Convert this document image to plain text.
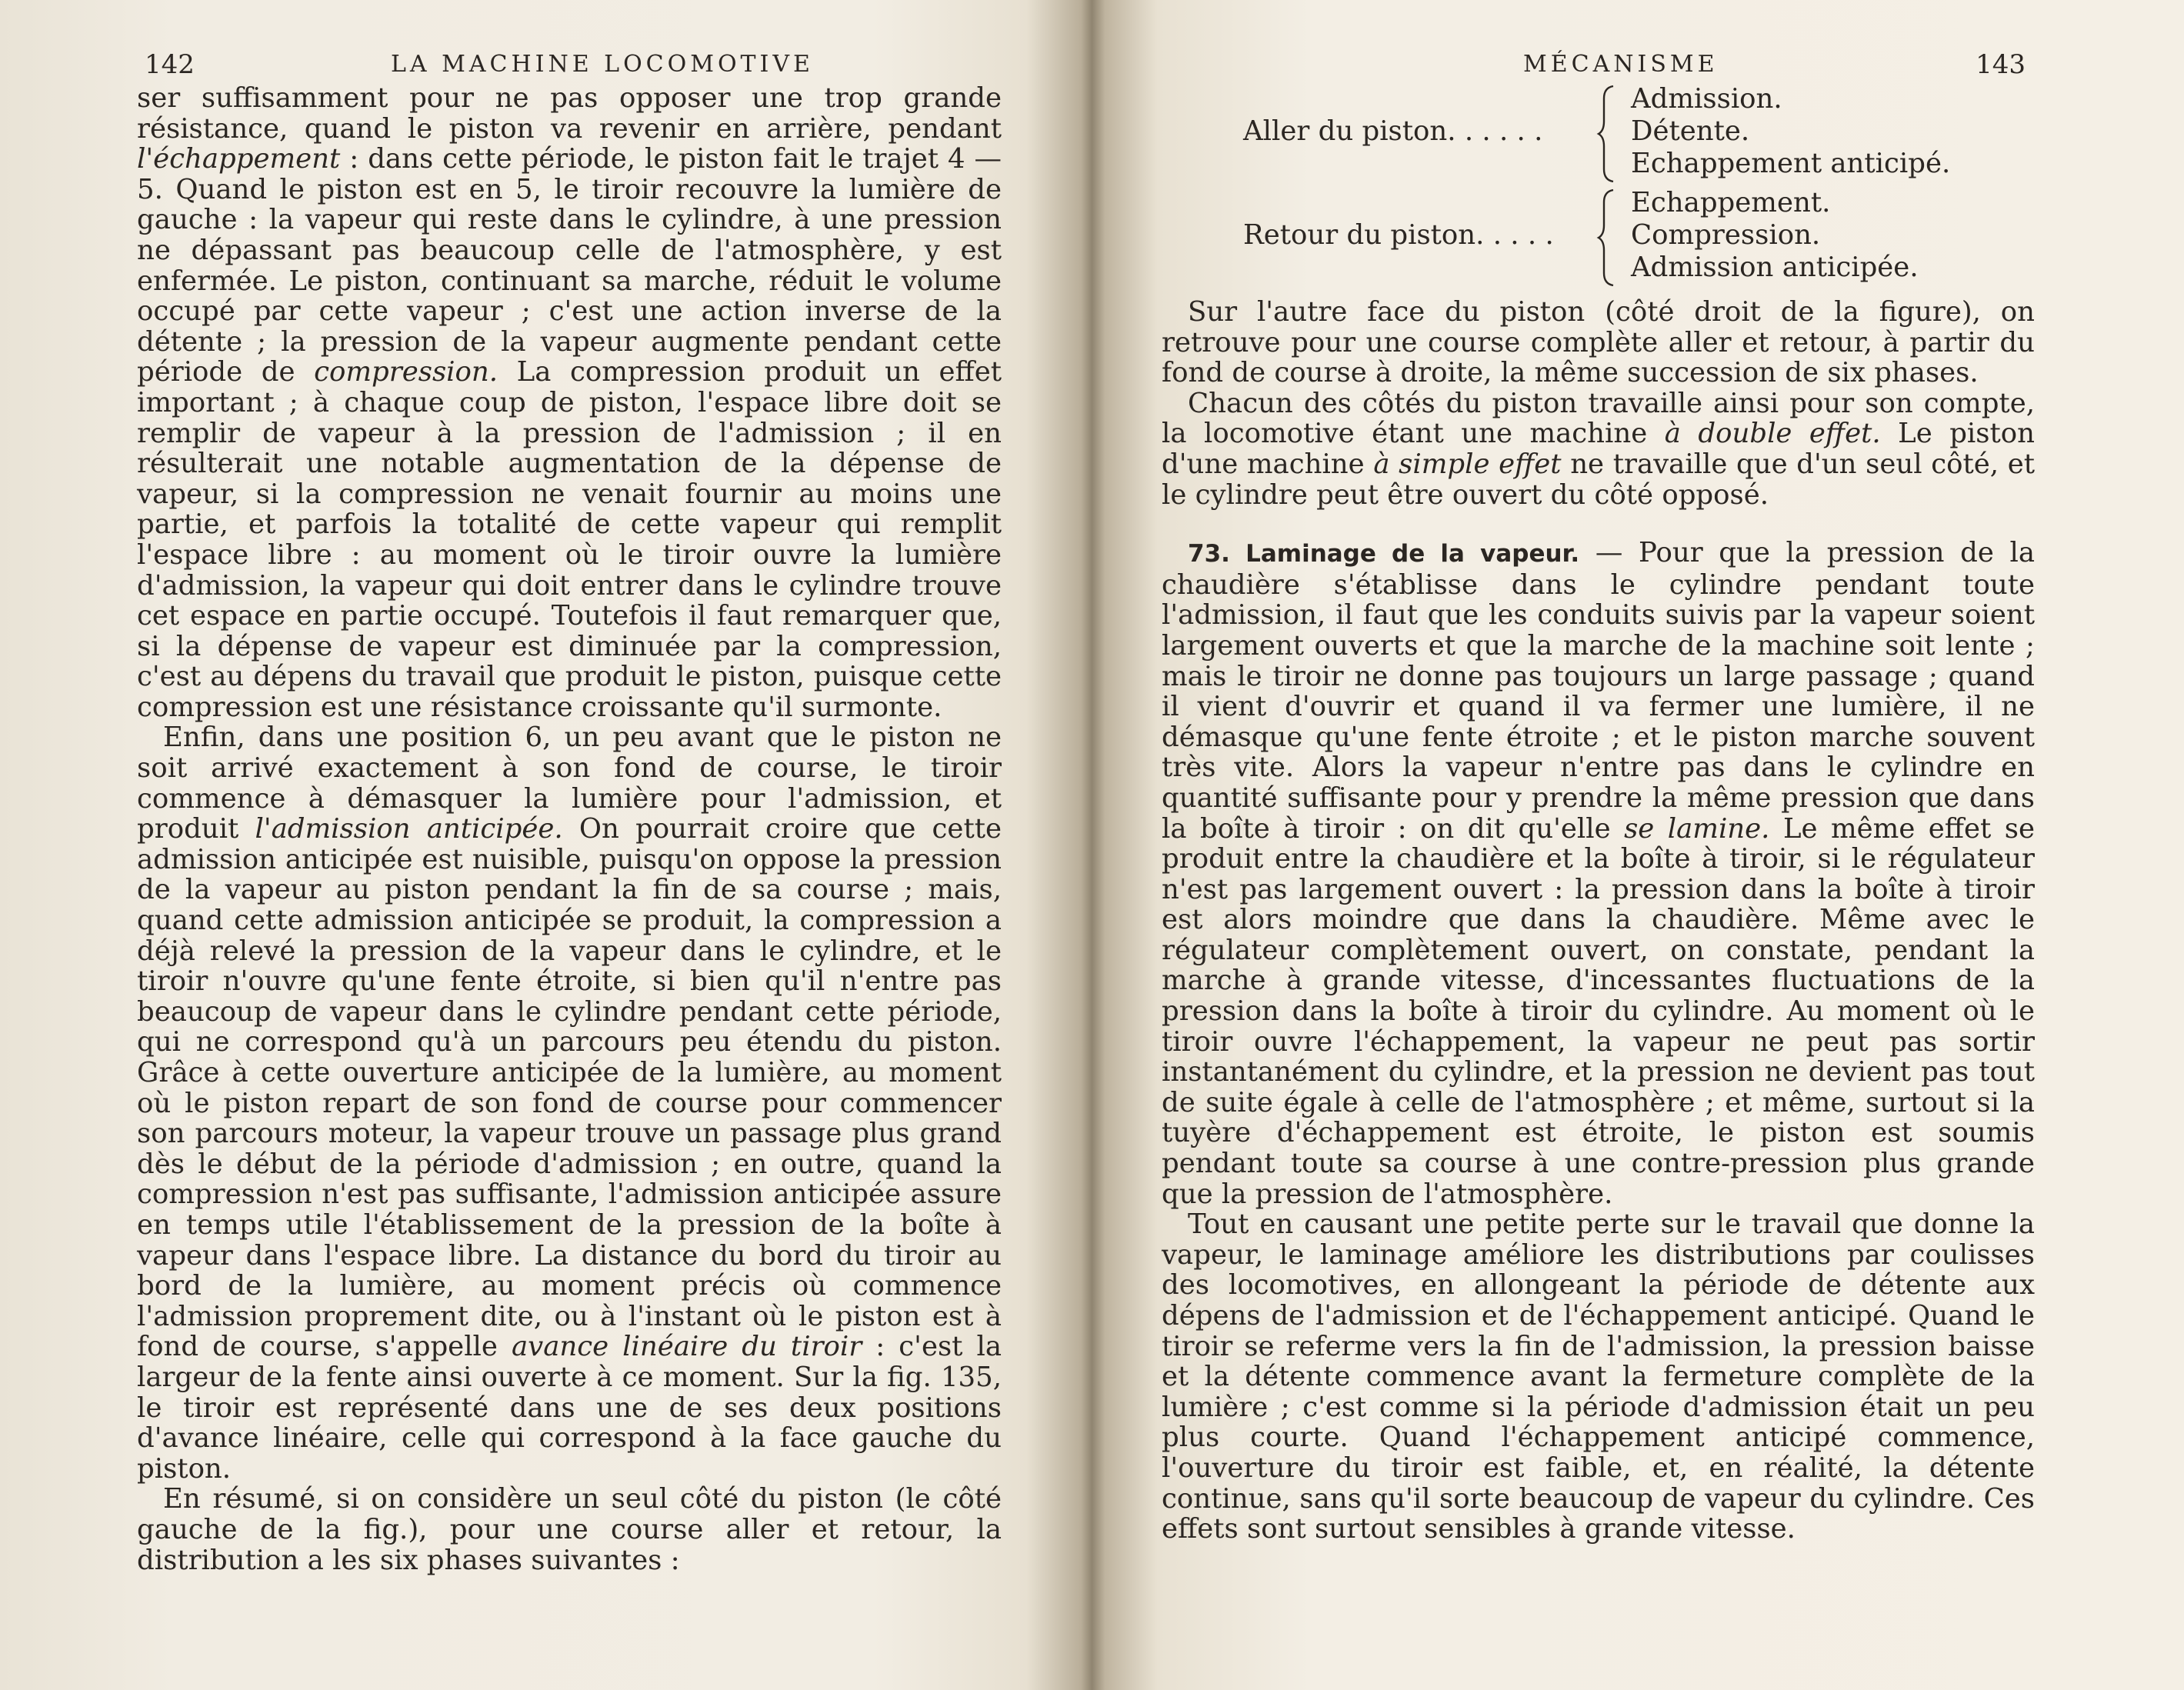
142	LA MACHINE LOCOMOTIVE

ser suffisamment pour ne pas opposer une trop grande résistance, quand le piston va revenir en arrière, pendant l'échappement : dans cette période, le piston fait le trajet 4 — 5. Quand le piston est en 5, le tiroir recouvre la lumière de gauche : la vapeur qui reste dans le cylindre, à une pression ne dépassant pas beaucoup celle de l'atmosphère, y est enfermée. Le piston, continuant sa marche, réduit le volume occupé par cette vapeur ; c'est une action inverse de la détente ; la pression de la vapeur augmente pendant cette période de compression. La compression produit un effet important ; à chaque coup de piston, l'espace libre doit se remplir de vapeur à la pression de l'admission ; il en résulterait une notable augmentation de la dépense de vapeur, si la compression ne venait fournir au moins une partie, et parfois la totalité de cette vapeur qui remplit l'espace libre : au moment où le tiroir ouvre la lumière d'admission, la vapeur qui doit entrer dans le cylindre trouve cet espace en partie occupé. Toutefois il faut remarquer que, si la dépense de vapeur est diminuée par la compression, c'est au dépens du travail que produit le piston, puisque cette compression est une résistance croissante qu'il surmonte.

Enfin, dans une position 6, un peu avant que le piston ne soit arrivé exactement à son fond de course, le tiroir commence à démasquer la lumière pour l'admission, et produit l'admission anticipée. On pourrait croire que cette admission anticipée est nuisible, puisqu'on oppose la pression de la vapeur au piston pendant la fin de sa course ; mais, quand cette admission anticipée se produit, la compression a déjà relevé la pression de la vapeur dans le cylindre, et le tiroir n'ouvre qu'une fente étroite, si bien qu'il n'entre pas beaucoup de vapeur dans le cylindre pendant cette période, qui ne correspond qu'à un parcours peu étendu du piston. Grâce à cette ouverture anticipée de la lumière, au moment où le piston repart de son fond de course pour commencer son parcours moteur, la vapeur trouve un passage plus grand dès le début de la période d'admission ; en outre, quand la compression n'est pas suffisante, l'admission anticipée assure en temps utile l'établissement de la pression de la boîte à vapeur dans l'espace libre. La distance du bord du tiroir au bord de la lumière, au moment précis où commence l'admission proprement dite, ou à l'instant où le piston est à fond de course, s'appelle avance linéaire du tiroir : c'est la largeur de la fente ainsi ouverte à ce moment. Sur la fig. 135, le tiroir est représenté dans une de ses deux positions d'avance linéaire, celle qui correspond à la face gauche du piston.

En résumé, si on considère un seul côté du piston (le côté gauche de la fig.), pour une course aller et retour, la distribution a les six phases suivantes :

MÉCANISME	143
Aller du piston. . . . . .
Admission.
Détente.
Echappement anticipé.
Retour du piston. . . . .
Echappement.
Compression.
Admission anticipée.

Sur l'autre face du piston (côté droit de la figure), on retrouve pour une course complète aller et retour, à partir du fond de course à droite, la même succession de six phases.

Chacun des côtés du piston travaille ainsi pour son compte, la locomotive étant une machine à double effet. Le piston d'une machine à simple effet ne travaille que d'un seul côté, et le cylindre peut être ouvert du côté opposé.

73. Laminage de la vapeur. — Pour que la pression de la chaudière s'établisse dans le cylindre pendant toute l'admission, il faut que les conduits suivis par la vapeur soient largement ouverts et que la marche de la machine soit lente ; mais le tiroir ne donne pas toujours un large passage ; quand il vient d'ouvrir et quand il va fermer une lumière, il ne démasque qu'une fente étroite ; et le piston marche souvent très vite. Alors la vapeur n'entre pas dans le cylindre en quantité suffisante pour y prendre la même pression que dans la boîte à tiroir : on dit qu'elle se lamine. Le même effet se produit entre la chaudière et la boîte à tiroir, si le régulateur n'est pas largement ouvert : la pression dans la boîte à tiroir est alors moindre que dans la chaudière. Même avec le régulateur complètement ouvert, on constate, pendant la marche à grande vitesse, d'incessantes fluctuations de la pression dans la boîte à tiroir du cylindre. Au moment où le tiroir ouvre l'échappement, la vapeur ne peut pas sortir instantanément du cylindre, et la pression ne devient pas tout de suite égale à celle de l'atmosphère ; et même, surtout si la tuyère d'échappement est étroite, le piston est soumis pendant toute sa course à une contre-pression plus grande que la pression de l'atmosphère.

Tout en causant une petite perte sur le travail que donne la vapeur, le laminage améliore les distributions par coulisses des locomotives, en allongeant la période de détente aux dépens de l'admission et de l'échappement anticipé. Quand le tiroir se referme vers la fin de l'admission, la pression baisse et la détente commence avant la fermeture complète de la lumière ; c'est comme si la période d'admission était un peu plus courte. Quand l'échappement anticipé commence, l'ouverture du tiroir est faible, et, en réalité, la détente continue, sans qu'il sorte beaucoup de vapeur du cylindre. Ces effets sont surtout sensibles à grande vitesse.
